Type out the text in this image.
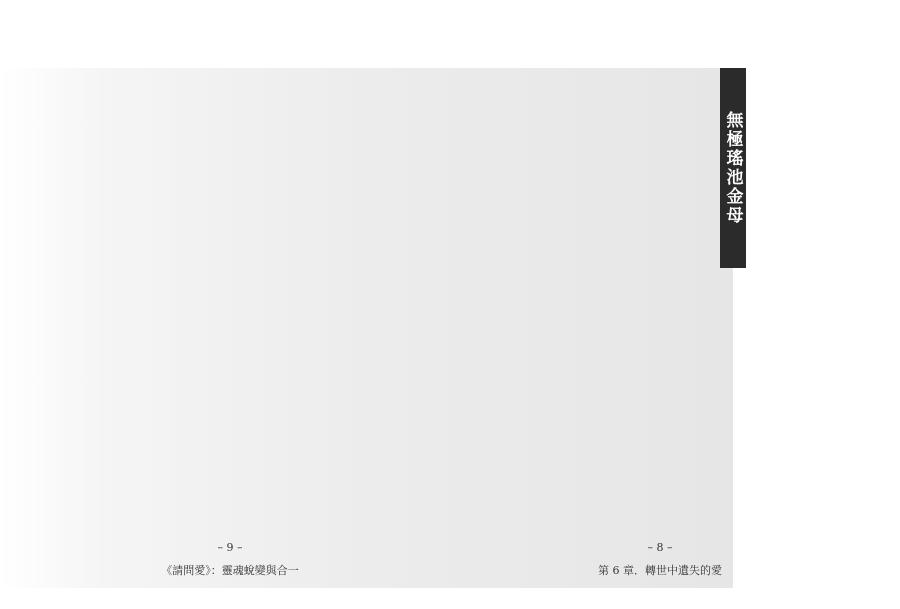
無極瑤池金母
– 9 –
《請問愛》：靈魂蛻變與合一
– 8 –
第 6 章．轉世中遺失的愛
